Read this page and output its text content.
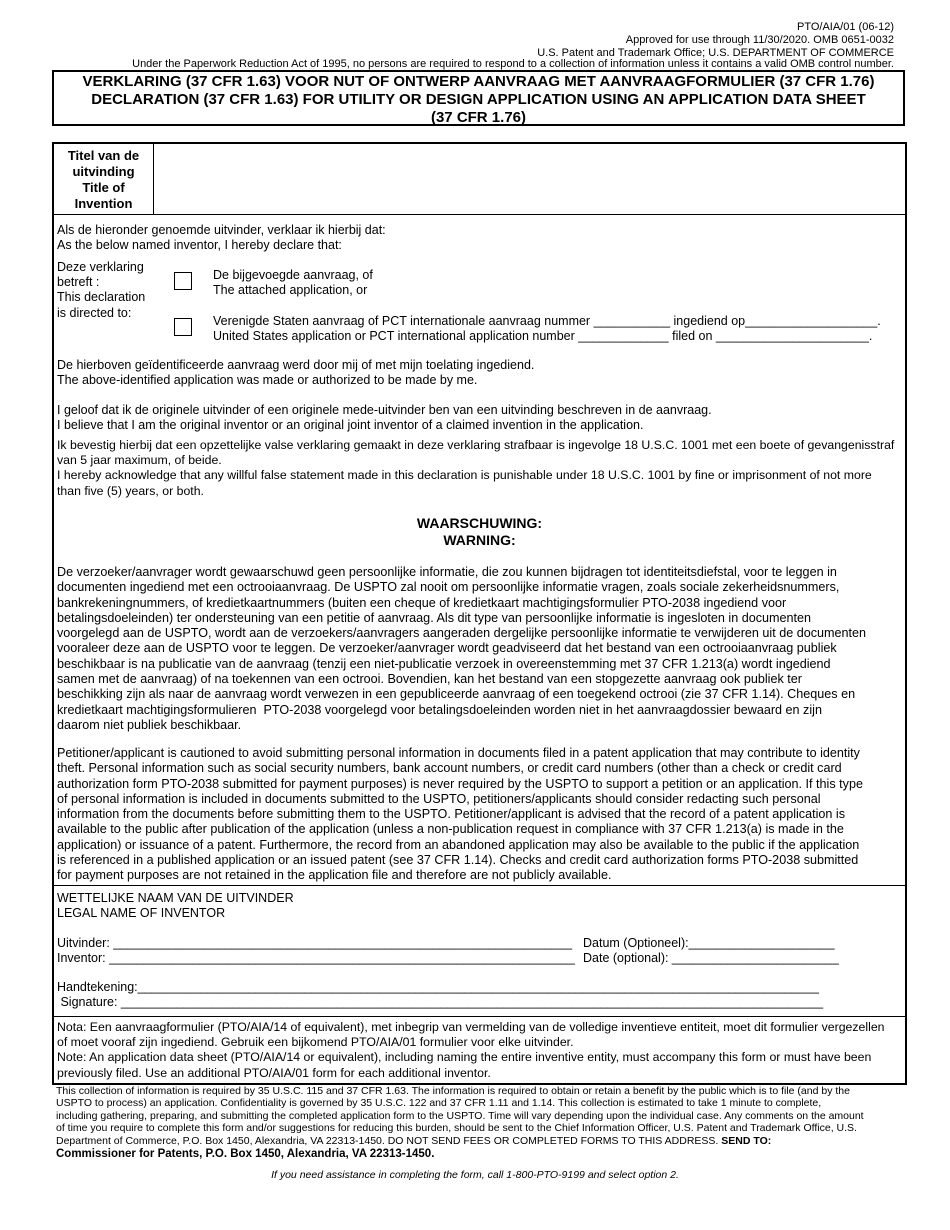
PTO/AIA/01 (06-12)
Approved for use through 11/30/2020. OMB 0651-0032
U.S. Patent and Trademark Office; U.S. DEPARTMENT OF COMMERCE
Under the Paperwork Reduction Act of 1995, no persons are required to respond to a collection of information unless it contains a valid OMB control number.
VERKLARING (37 CFR 1.63) VOOR NUT OF ONTWERP AANVRAAG MET AANVRAAGFORMULIER (37 CFR 1.76)
DECLARATION (37 CFR 1.63) FOR UTILITY OR DESIGN APPLICATION USING AN APPLICATION DATA SHEET
(37 CFR 1.76)
Titel van de
uitvinding
Title of
Invention
Als de hieronder genoemde uitvinder, verklaar ik hierbij dat:
As the below named inventor, I hereby declare that:
Deze verklaring
betreft :
This declaration
is directed to:
De bijgevoegde aanvraag, of
The attached application, or
Verenigde Staten aanvraag of PCT internationale aanvraag nummer ___________ ingediend op___________________.
United States application or PCT international application number _____________ filed on ______________________.
De hierboven geïdentificeerde aanvraag werd door mij of met mijn toelating ingediend.
The above-identified application was made or authorized to be made by me.
I geloof dat ik de originele uitvinder of een originele mede-uitvinder ben van een uitvinding beschreven in de aanvraag.
I believe that I am the original inventor or an original joint inventor of a claimed invention in the application.
Ik bevestig hierbij dat een opzettelijke valse verklaring gemaakt in deze verklaring strafbaar is ingevolge 18 U.S.C. 1001 met een boete of gevangenisstraf
van 5 jaar maximum, of beide.
I hereby acknowledge that any willful false statement made in this declaration is punishable under 18 U.S.C. 1001 by fine or imprisonment of not more
than five (5) years, or both.
WAARSCHUWING:
WARNING:
De verzoeker/aanvrager wordt gewaarschuwd geen persoonlijke informatie, die zou kunnen bijdragen tot identiteitsdiefstal, voor te leggen in
documenten ingediend met een octrooiaanvraag. De USPTO zal nooit om persoonlijke informatie vragen, zoals sociale zekerheidsnummers,
bankrekeningnummers, of kredietkaartnummers (buiten een cheque of kredietkaart machtigingsformulier PTO-2038 ingediend voor
betalingsdoeleinden) ter ondersteuning van een petitie of aanvraag. Als dit type van persoonlijke informatie is ingesloten in documenten
voorgelegd aan de USPTO, wordt aan de verzoekers/aanvragers aangeraden dergelijke persoonlijke informatie te verwijderen uit de documenten
vooraleer deze aan de USPTO voor te leggen. De verzoeker/aanvrager wordt geadviseerd dat het bestand van een octrooiaanvraag publiek
beschikbaar is na publicatie van de aanvraag (tenzij een niet-publicatie verzoek in overeenstemming met 37 CFR 1.213(a) wordt ingediend
samen met de aanvraag) of na toekennen van een octrooi. Bovendien, kan het bestand van een stopgezette aanvraag ook publiek ter
beschikking zijn als naar de aanvraag wordt verwezen in een gepubliceerde aanvraag of een toegekend octrooi (zie 37 CFR 1.14). Cheques en
kredietkaart machtigingsformulieren  PTO-2038 voorgelegd voor betalingsdoeleinden worden niet in het aanvraagdossier bewaard en zijn
daarom niet publiek beschikbaar.
Petitioner/applicant is cautioned to avoid submitting personal information in documents filed in a patent application that may contribute to identity
theft. Personal information such as social security numbers, bank account numbers, or credit card numbers (other than a check or credit card
authorization form PTO-2038 submitted for payment purposes) is never required by the USPTO to support a petition or an application. If this type
of personal information is included in documents submitted to the USPTO, petitioners/applicants should consider redacting such personal
information from the documents before submitting them to the USPTO. Petitioner/applicant is advised that the record of a patent application is
available to the public after publication of the application (unless a non-publication request in compliance with 37 CFR 1.213(a) is made in the
application) or issuance of a patent. Furthermore, the record from an abandoned application may also be available to the public if the application
is referenced in a published application or an issued patent (see 37 CFR 1.14). Checks and credit card authorization forms PTO-2038 submitted
for payment purposes are not retained in the application file and therefore are not publicly available.
WETTELIJKE NAAM VAN DE UITVINDER
LEGAL NAME OF INVENTOR
Uitvinder: __________________________________________________________________
Inventor: ___________________________________________________________________
Datum (Optioneel):_____________________
Date (optional): ________________________
Handtekening:__________________________________________________________________________________________________
Signature: _____________________________________________________________________________________________________
Nota: Een aanvraagformulier (PTO/AIA/14 of equivalent), met inbegrip van vermelding van de volledige inventieve entiteit, moet dit formulier vergezellen
of moet vooraf zijn ingediend. Gebruik een bijkomend PTO/AIA/01 formulier voor elke uitvinder.
Note: An application data sheet (PTO/AIA/14 or equivalent), including naming the entire inventive entity, must accompany this form or must have been
previously filed. Use an additional PTO/AIA/01 form for each additional inventor.
This collection of information is required by 35 U.S.C. 115 and 37 CFR 1.63. The information is required to obtain or retain a benefit by the public which is to file (and by the
USPTO to process) an application. Confidentiality is governed by 35 U.S.C. 122 and 37 CFR 1.11 and 1.14. This collection is estimated to take 1 minute to complete,
including gathering, preparing, and submitting the completed application form to the USPTO. Time will vary depending upon the individual case. Any comments on the amount
of time you require to complete this form and/or suggestions for reducing this burden, should be sent to the Chief Information Officer, U.S. Patent and Trademark Office, U.S.
Department of Commerce, P.O. Box 1450, Alexandria, VA 22313-1450. DO NOT SEND FEES OR COMPLETED FORMS TO THIS ADDRESS. SEND TO:
Commissioner for Patents, P.O. Box 1450, Alexandria, VA 22313-1450.
If you need assistance in completing the form, call 1-800-PTO-9199 and select option 2.
